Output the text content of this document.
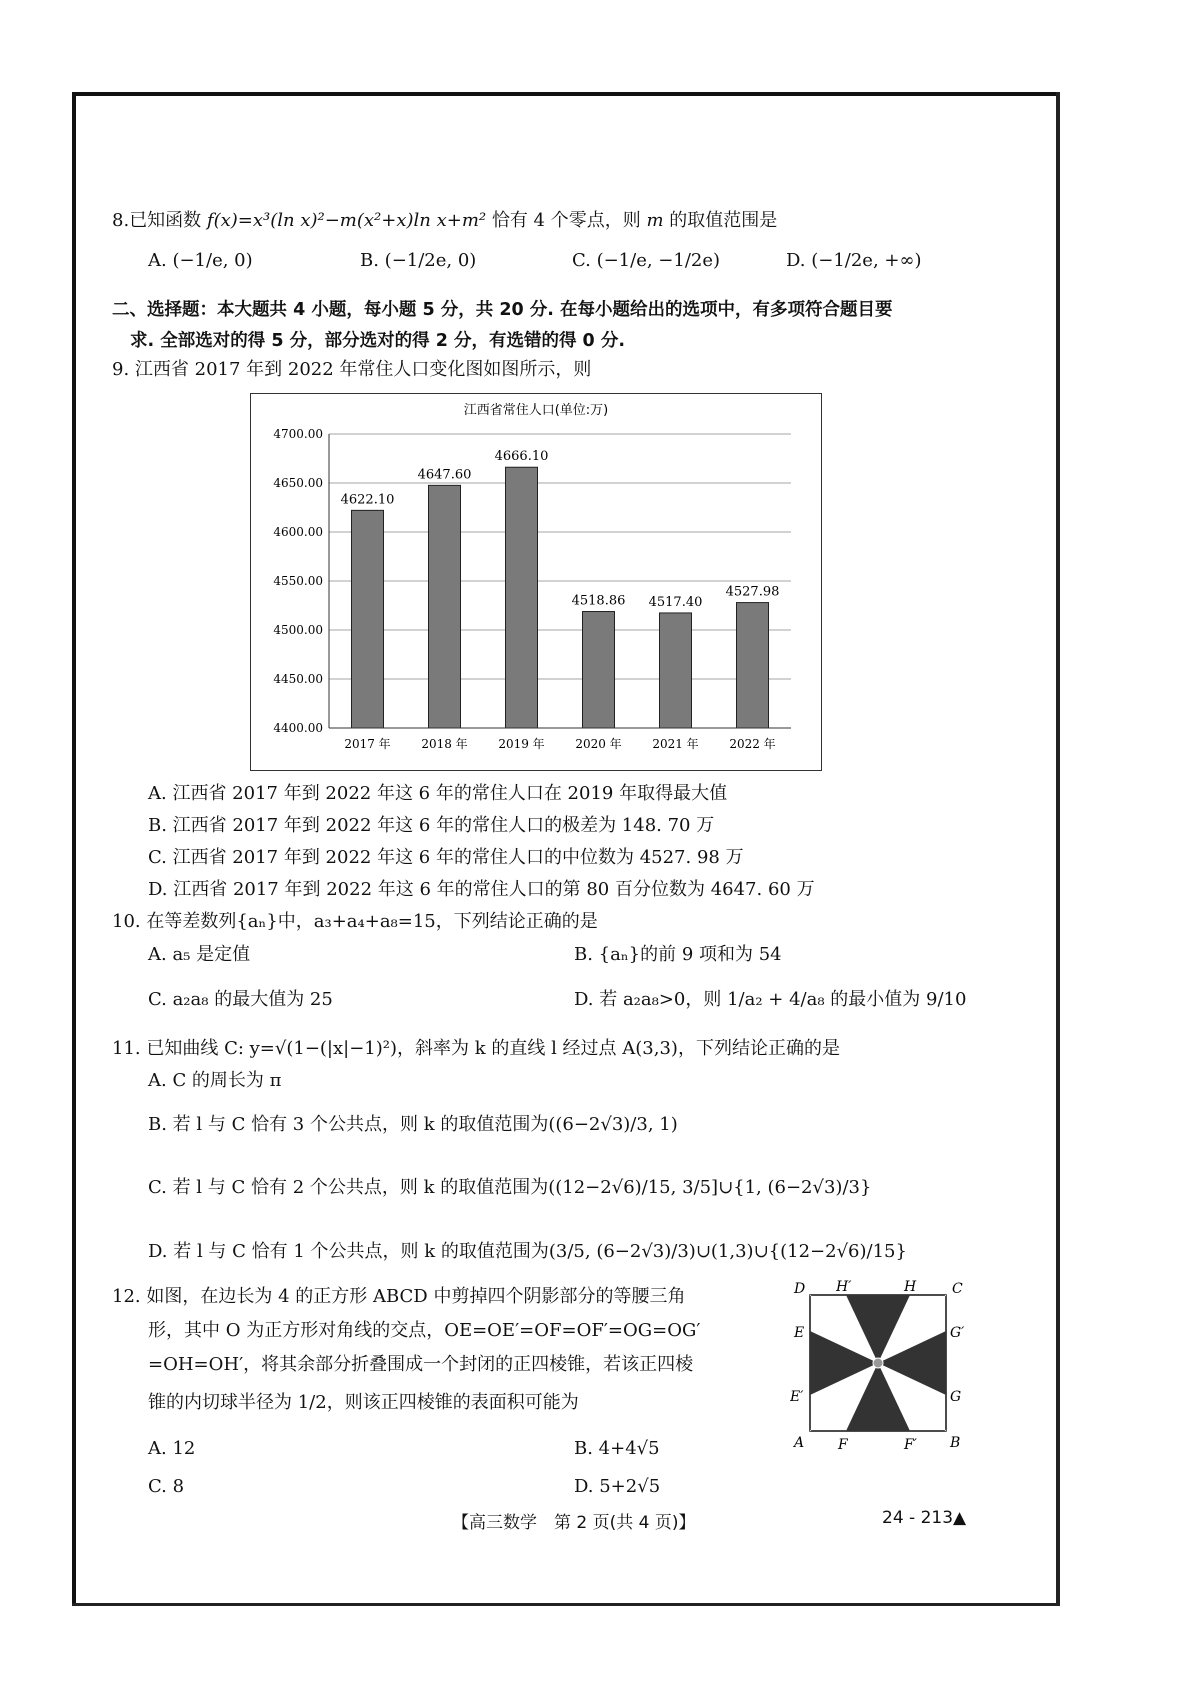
8.已知函数 f(x)=x³(ln x)²−m(x²+x)ln x+m² 恰有 4 个零点，则 m 的取值范围是
A. (−1/e, 0)	B. (−1/2e, 0)	C. (−1/e, −1/2e)	D. (−1/2e, +∞)
二、选择题：本大题共 4 小题，每小题 5 分，共 20 分. 在每小题给出的选项中，有多项符合题目要
求. 全部选对的得 5 分，部分选对的得 2 分，有选错的得 0 分.
9. 江西省 2017 年到 2022 年常住人口变化图如图所示，则
江西省常住人口(单位:万)
4400.00
4450.00
4500.00
4550.00
4600.00
4650.00
4700.00
4622.10
4647.60
4666.10
4518.86 4517.40
4527.98
2017 年	2018 年	2019 年	2020 年	2021 年	2022 年
A. 江西省 2017 年到 2022 年这 6 年的常住人口在 2019 年取得最大值
B. 江西省 2017 年到 2022 年这 6 年的常住人口的极差为 148. 70 万
C. 江西省 2017 年到 2022 年这 6 年的常住人口的中位数为 4527. 98 万
D. 江西省 2017 年到 2022 年这 6 年的常住人口的第 80 百分位数为 4647. 60 万
10. 在等差数列{aₙ}中，a₃+a₄+a₈=15，下列结论正确的是
A. a₅ 是定值	B. {aₙ}的前 9 项和为 54
C. a₂a₈ 的最大值为 25	D. 若 a₂a₈>0，则 1/a₂ + 4/a₈ 的最小值为 9/10
11. 已知曲线 C: y=√(1−(|x|−1)²)，斜率为 k 的直线 l 经过点 A(3,3)，下列结论正确的是
A. C 的周长为 π
B. 若 l 与 C 恰有 3 个公共点，则 k 的取值范围为((6−2√3)/3, 1)
C. 若 l 与 C 恰有 2 个公共点，则 k 的取值范围为((12−2√6)/15, 3/5]∪{1, (6−2√3)/3}
D. 若 l 与 C 恰有 1 个公共点，则 k 的取值范围为(3/5, (6−2√3)/3)∪(1,3)∪{(12−2√6)/15}
12. 如图，在边长为 4 的正方形 ABCD 中剪掉四个阴影部分的等腰三角
形，其中 O 为正方形对角线的交点，OE=OE′=OF=OF′=OG=OG′
=OH=OH′，将其余部分折叠围成一个封闭的正四棱锥，若该正四棱
锥的内切球半径为 1/2，则该正四棱锥的表面积可能为
A. 12	B. 4+4√5
C. 8	D. 5+2√5
D H′	H	C
E	G′
E′	G
A F	F′ B
【高三数学　第 2 页(共 4 页)】	24 - 213▲
